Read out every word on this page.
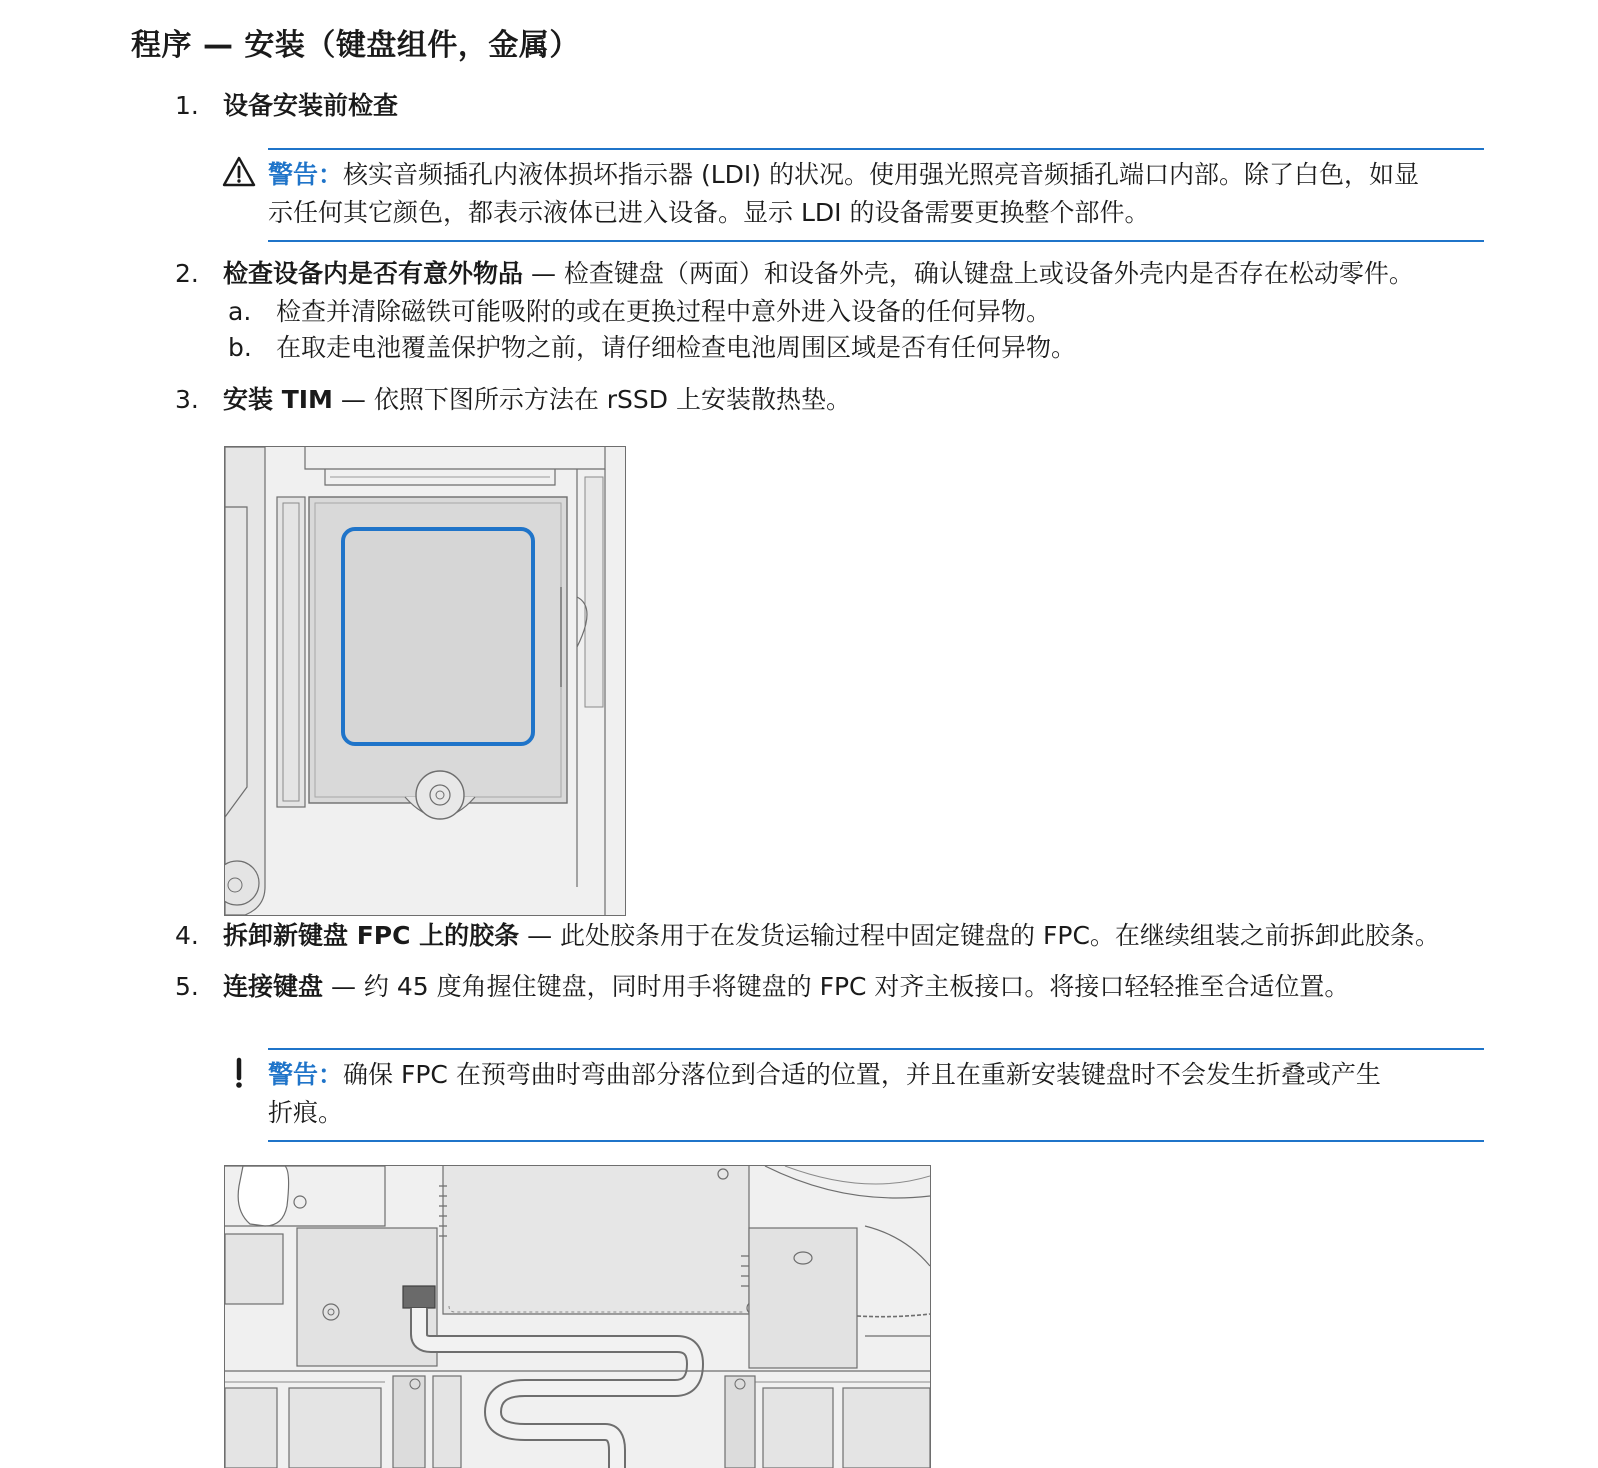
程序 — 安装（键盘组件，金属）
1. 设备安装前检查
警告：核实音频插孔内液体损坏指示器 (LDI) 的状况。使用强光照亮音频插孔端口内部。除了白色，如显
示任何其它颜色，都表示液体已进入设备。显示 LDI 的设备需要更换整个部件。
2. 检查设备内是否有意外物品 — 检查键盘（两面）和设备外壳，确认键盘上或设备外壳内是否存在松动零件。
a. 检查并清除磁铁可能吸附的或在更换过程中意外进入设备的任何异物。
b. 在取走电池覆盖保护物之前，请仔细检查电池周围区域是否有任何异物。
3. 安装 TIM — 依照下图所示方法在 rSSD 上安装散热垫。
4. 拆卸新键盘 FPC 上的胶条 — 此处胶条用于在发货运输过程中固定键盘的 FPC。在继续组装之前拆卸此胶条。
5. 连接键盘 — 约 45 度角握住键盘，同时用手将键盘的 FPC 对齐主板接口。将接口轻轻推至合适位置。
警告：确保 FPC 在预弯曲时弯曲部分落位到合适的位置，并且在重新安装键盘时不会发生折叠或产生
折痕。
